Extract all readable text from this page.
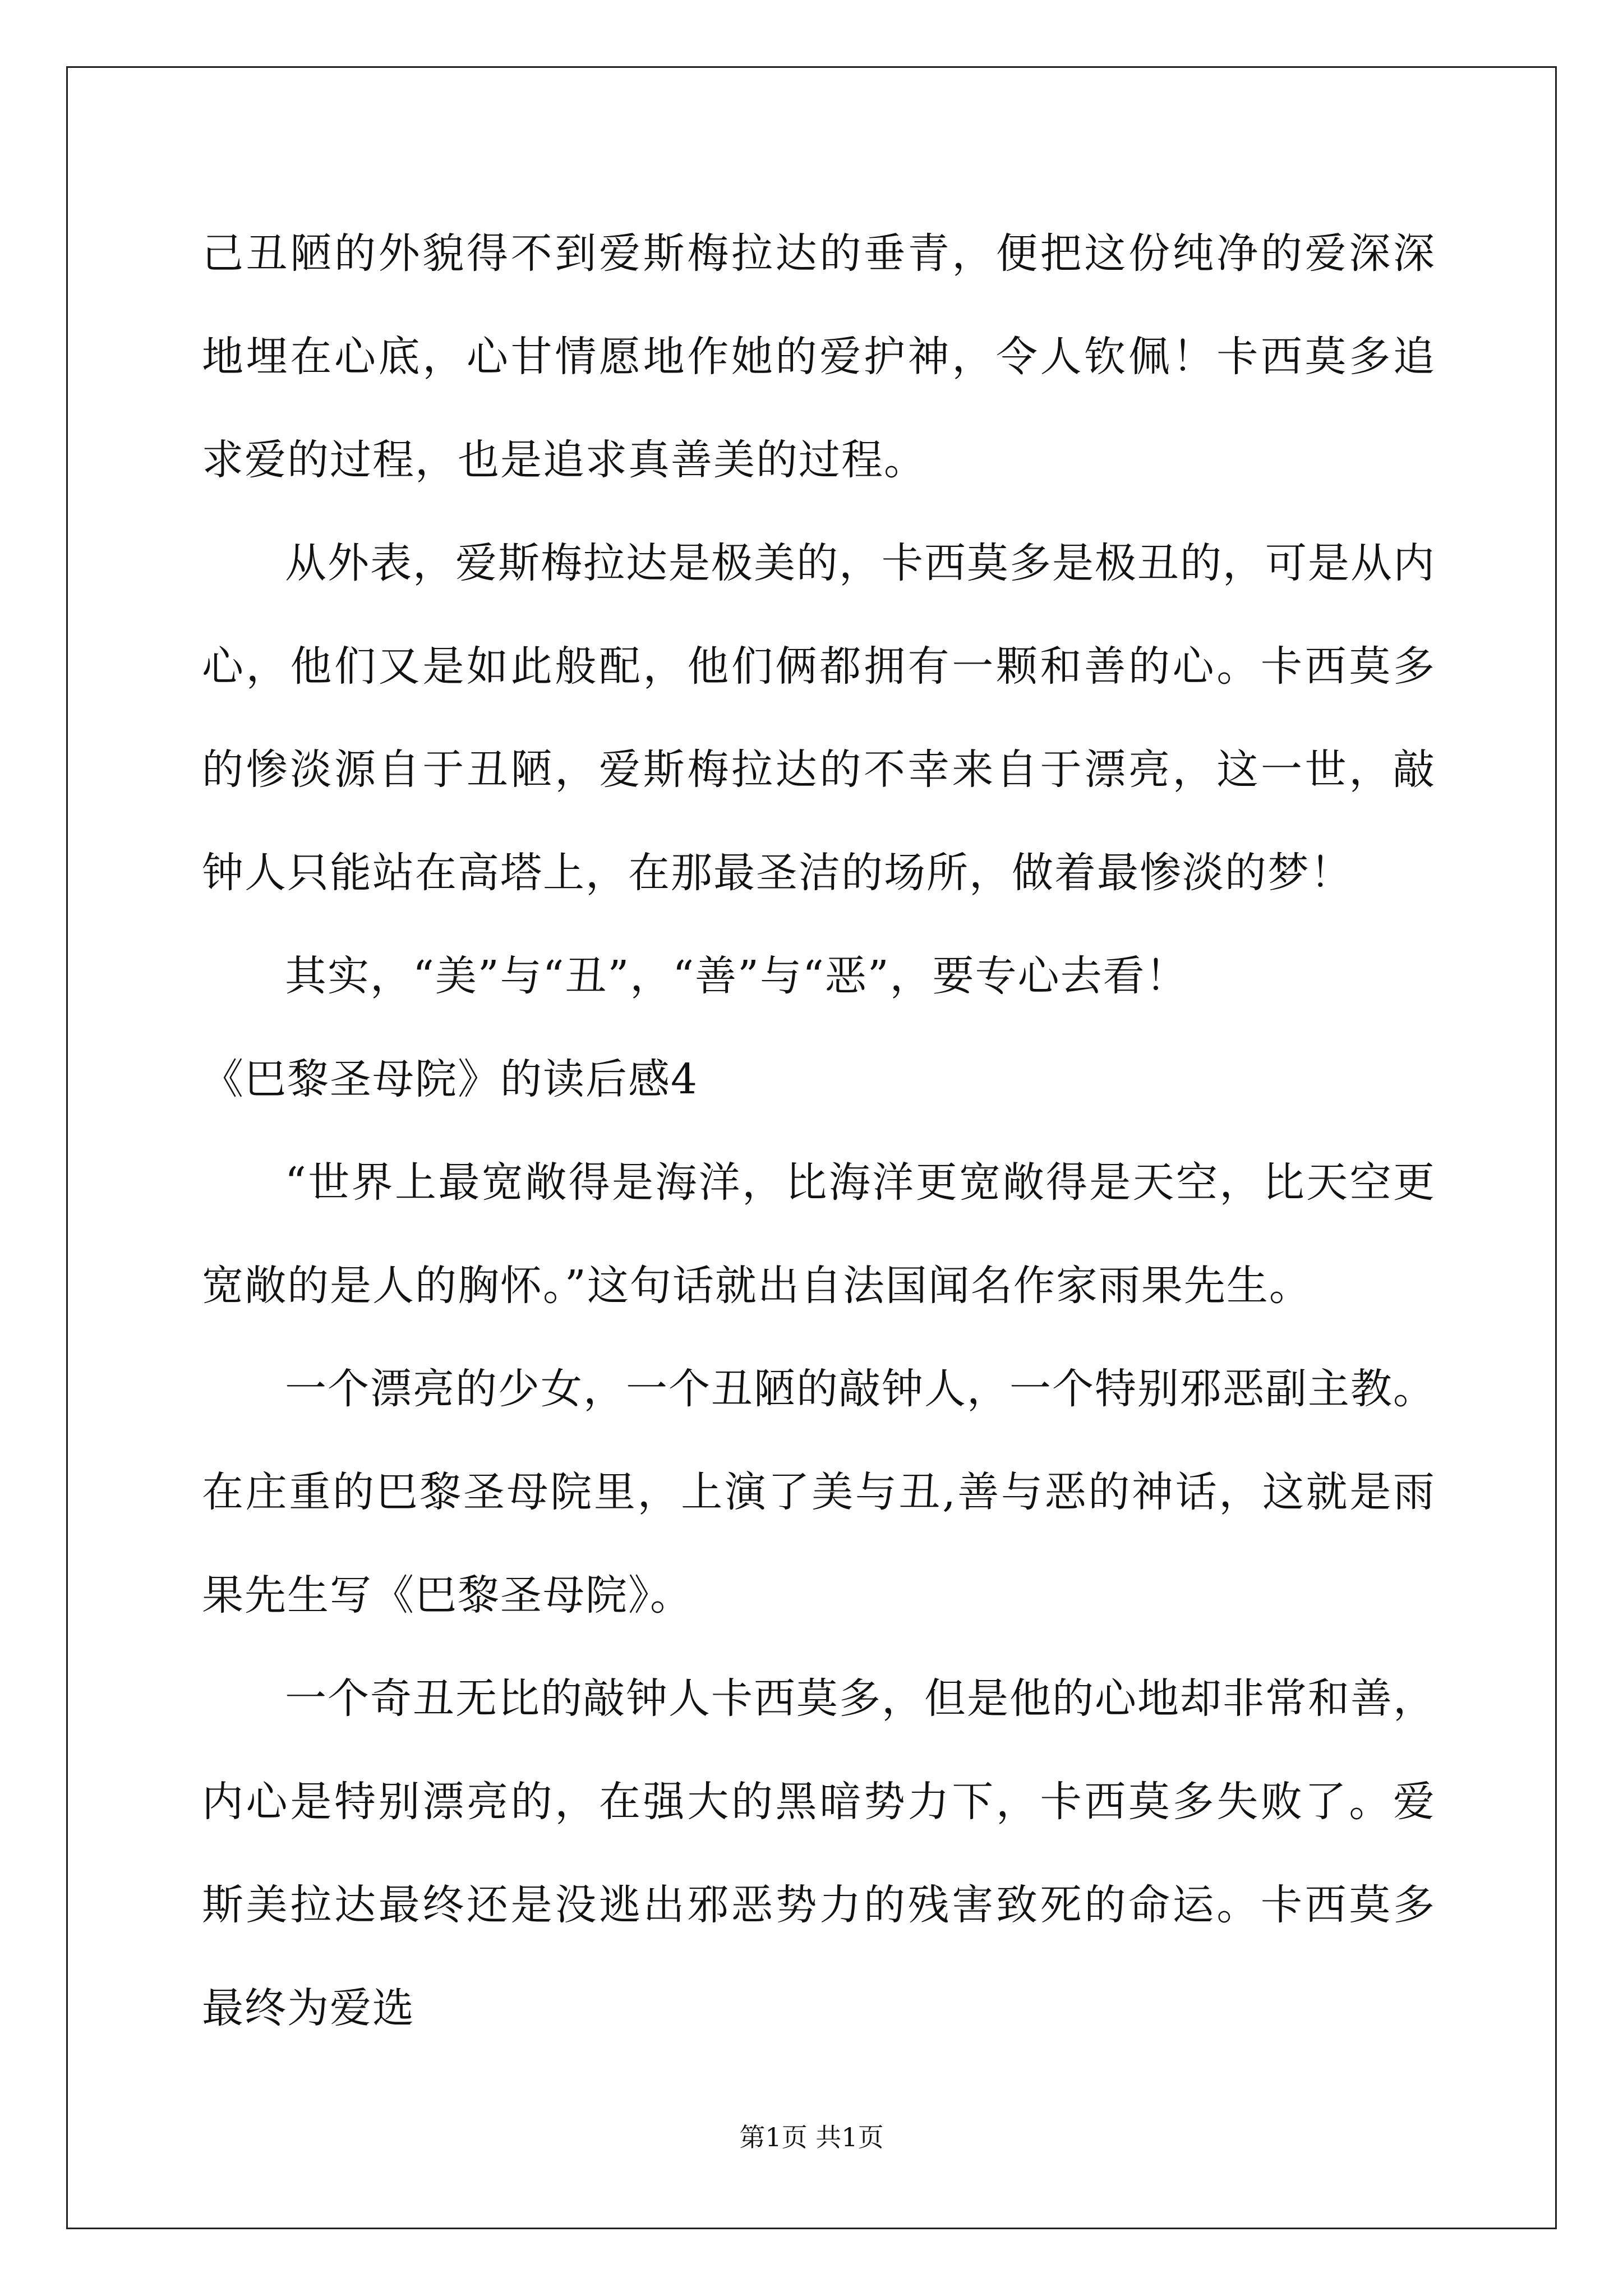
己丑陋的外貌得不到爱斯梅拉达的垂青，便把这份纯净的爱深深地埋在心底，心甘情愿地作她的爱护神，令人钦佩！卡西莫多追求爱的过程，也是追求真善美的过程。

从外表，爱斯梅拉达是极美的，卡西莫多是极丑的，可是从内心，他们又是如此般配，他们俩都拥有一颗和善的心。卡西莫多的惨淡源自于丑陋，爱斯梅拉达的不幸来自于漂亮，这一世，敲钟人只能站在高塔上，在那最圣洁的场所，做着最惨淡的梦！

其实，“美”与“丑”，“善”与“恶”，要专心去看！

《巴黎圣母院》的读后感4

“世界上最宽敞得是海洋，比海洋更宽敞得是天空，比天空更宽敞的是人的胸怀。”这句话就出自法国闻名作家雨果先生。

一个漂亮的少女，一个丑陋的敲钟人，一个特别邪恶副主教。在庄重的巴黎圣母院里，上演了美与丑,善与恶的神话，这就是雨果先生写《巴黎圣母院》。

一个奇丑无比的敲钟人卡西莫多，但是他的心地却非常和善，内心是特别漂亮的，在强大的黑暗势力下，卡西莫多失败了。爱斯美拉达最终还是没逃出邪恶势力的残害致死的命运。卡西莫多最终为爱选

第1页 共1页
